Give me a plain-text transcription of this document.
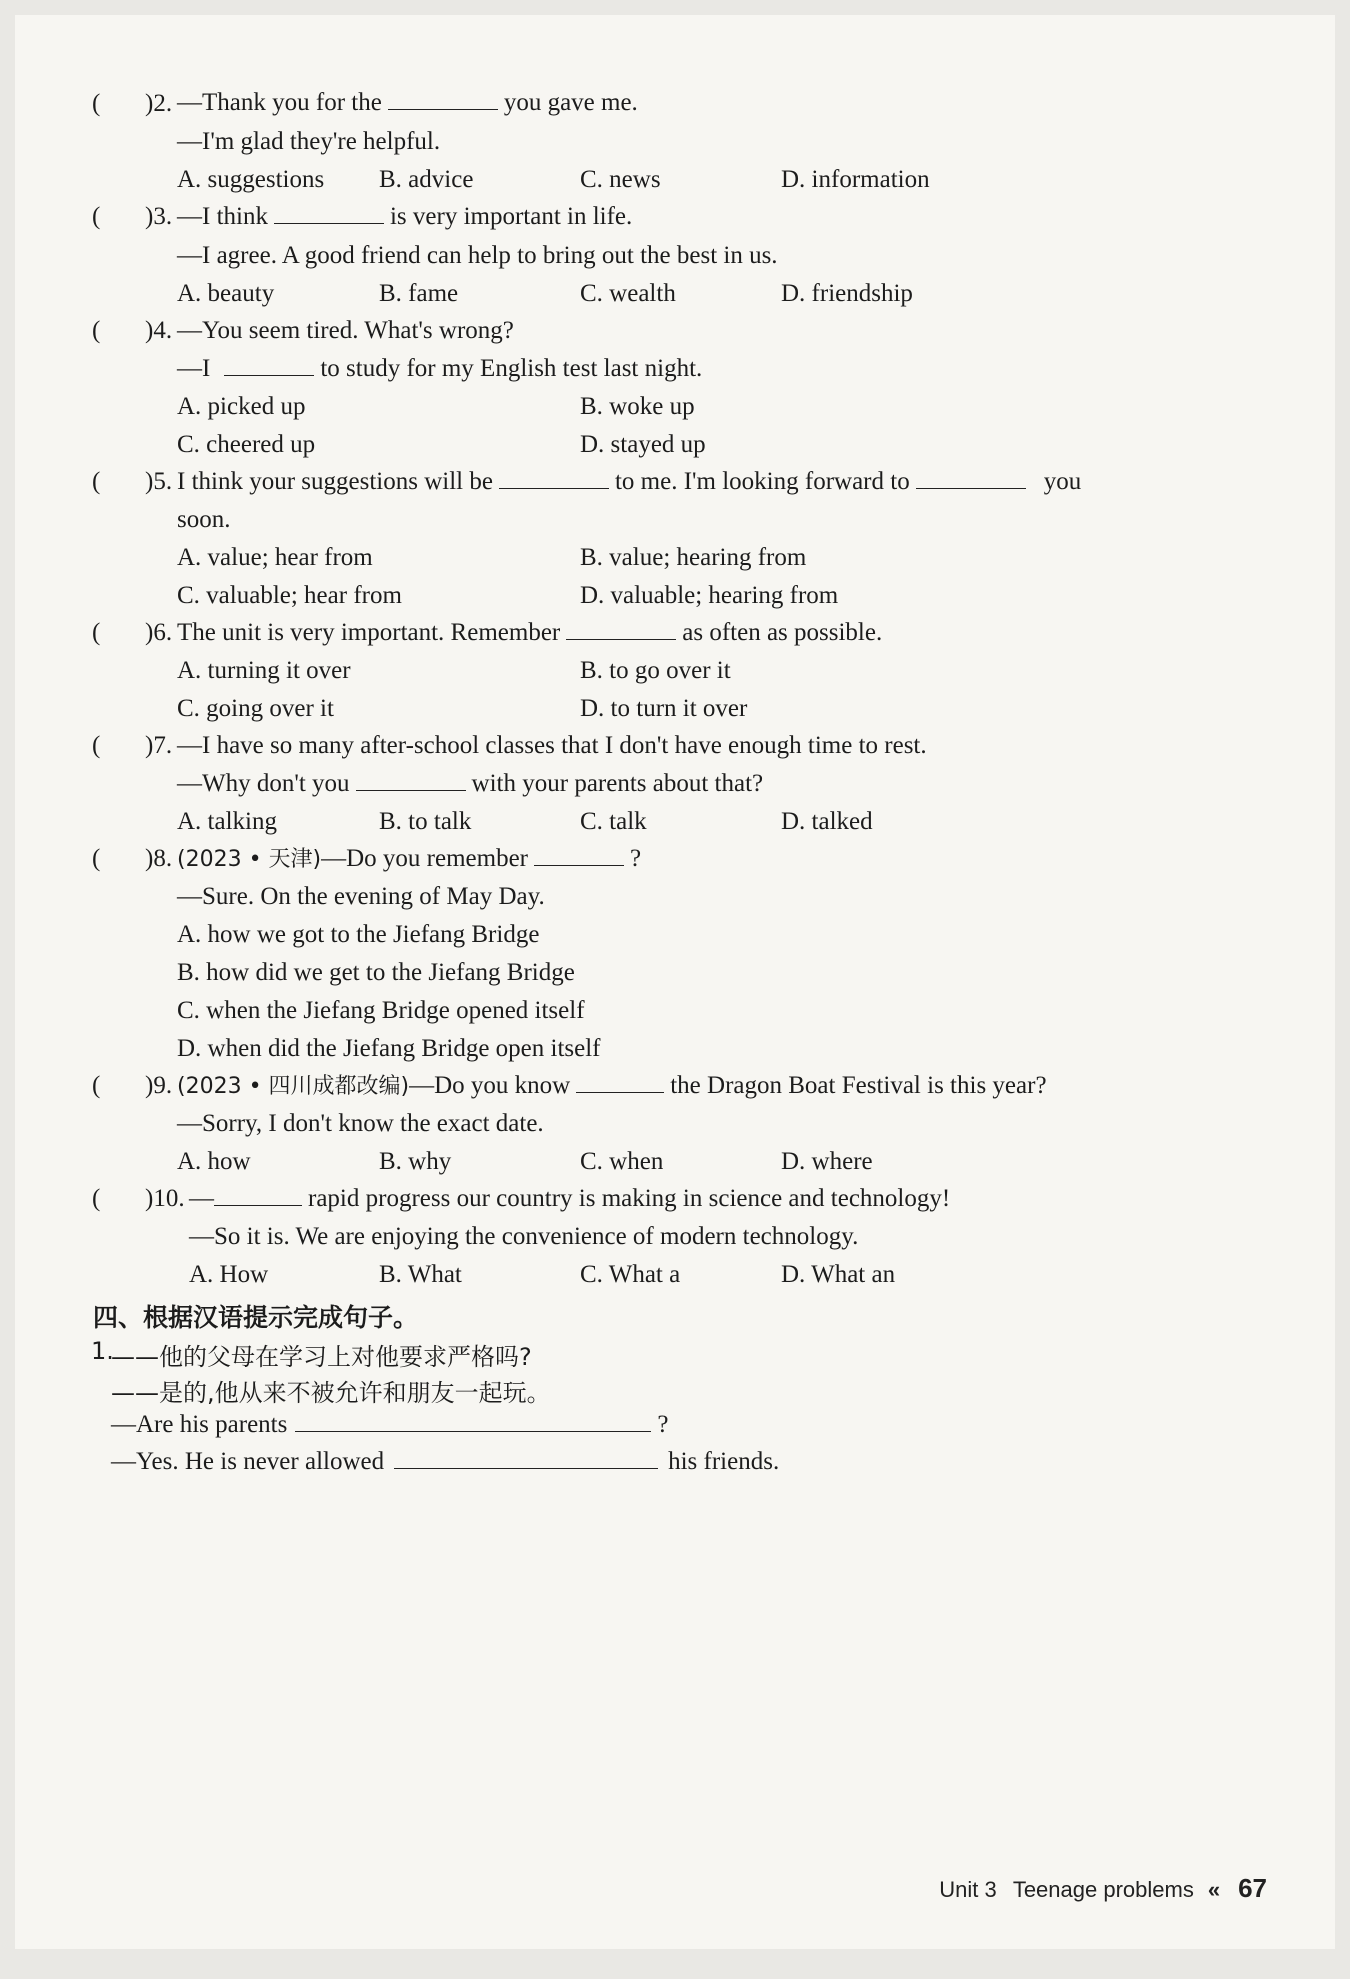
( )2. —Thank you for the	you gave me.
—I'm glad they're helpful.
A. suggestions B. advice	C. news	D. information
( )3. —I think	is very important in life.
—I agree. A good friend can help to bring out the best in us.
A. beauty	B. fame	C. wealth	D. friendship
( )4. —You seem tired. What's wrong?
—I	to study for my English test last night.
A. picked up	B. woke up
C. cheered up	D. stayed up
( )5. I think your suggestions will be	to me. I'm looking forward to	you
soon.
A. value; hear from	B. value; hearing from
C. valuable; hear from	D. valuable; hearing from
( )6. The unit is very important. Remember	as often as possible.
A. turning it over	B. to go over it
C. going over it	D. to turn it over
( )7. —I have so many after-school classes that I don't have enough time to rest.
—Why don't you	with your parents about that?
A. talking	B. to talk	C. talk	D. talked
( )8. (2023 • 天津)—Do you remember	?
—Sure. On the evening of May Day.
A. how we got to the Jiefang Bridge
B. how did we get to the Jiefang Bridge
C. when the Jiefang Bridge opened itself
D. when did the Jiefang Bridge open itself
( )9. (2023 • 四川成都改编)—Do you know	the Dragon Boat Festival is this year?
—Sorry, I don't know the exact date.
A. how	B. why	C. when	D. where
( )10. —	rapid progress our country is making in science and technology!
—So it is. We are enjoying the convenience of modern technology.
A. How	B. What	C. What a	D. What an
四、根据汉语提示完成句子。
1.
——他的父母在学习上对他要求严格吗?
——是的,他从来不被允许和朋友一起玩。
—Are his parents	?
—Yes. He is never allowed	his friends.
Unit 3 Teenage problems « 67
